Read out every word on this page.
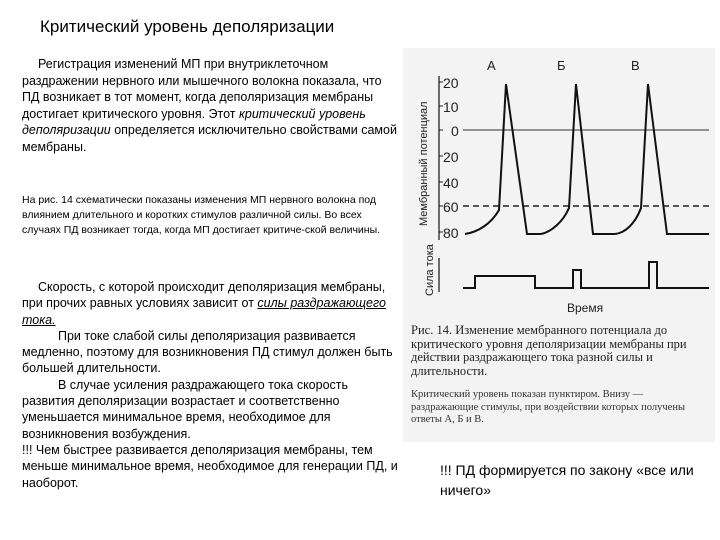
Критический уровень деполяризации
Регистрация изменений МП при внутриклеточном раздражении нервного или мышечного волокна показала, что ПД возникает в тот момент, когда деполяризация мембраны достигает критического уровня. Этот критический уровень деполяризации определяется исключительно свойствами самой мембраны.
На рис. 14 схематически показаны изменения МП нервного волокна под влиянием длительного и коротких стимулов различной силы. Во всех случаях ПД возникает тогда, когда МП достигает критиче-ской величины.
Скорость, с которой происходит деполяризация мембраны, при прочих равных условиях зависит от силы раздражающего тока.
При токе слабой силы деполяризация развивается медленно, поэтому для возникновения ПД стимул должен быть большей длительности.
В случае усиления раздражающего тока скорость развития деполяризации возрастает и соответственно уменьшается минимальное время, необходимое для возникновения возбуждения.
!!! Чем быстрее развивается деполяризация мембраны, тем меньше минимальное время, необходимое для генерации ПД, и наоборот.
Мембранный потенциал
20
10
0
20
40
60
80
А	Б	В
Сила тока
Время
Рис. 14. Изменение мембранного потенциала до критического уровня деполяризации мембраны при действии раздражающего тока разной силы и длительности.
Критический уровень показан пунктиром. Внизу — раздражающие стимулы, при воздействии которых получены ответы А, Б и В.
!!! ПД формируется по закону «все или ничего»
